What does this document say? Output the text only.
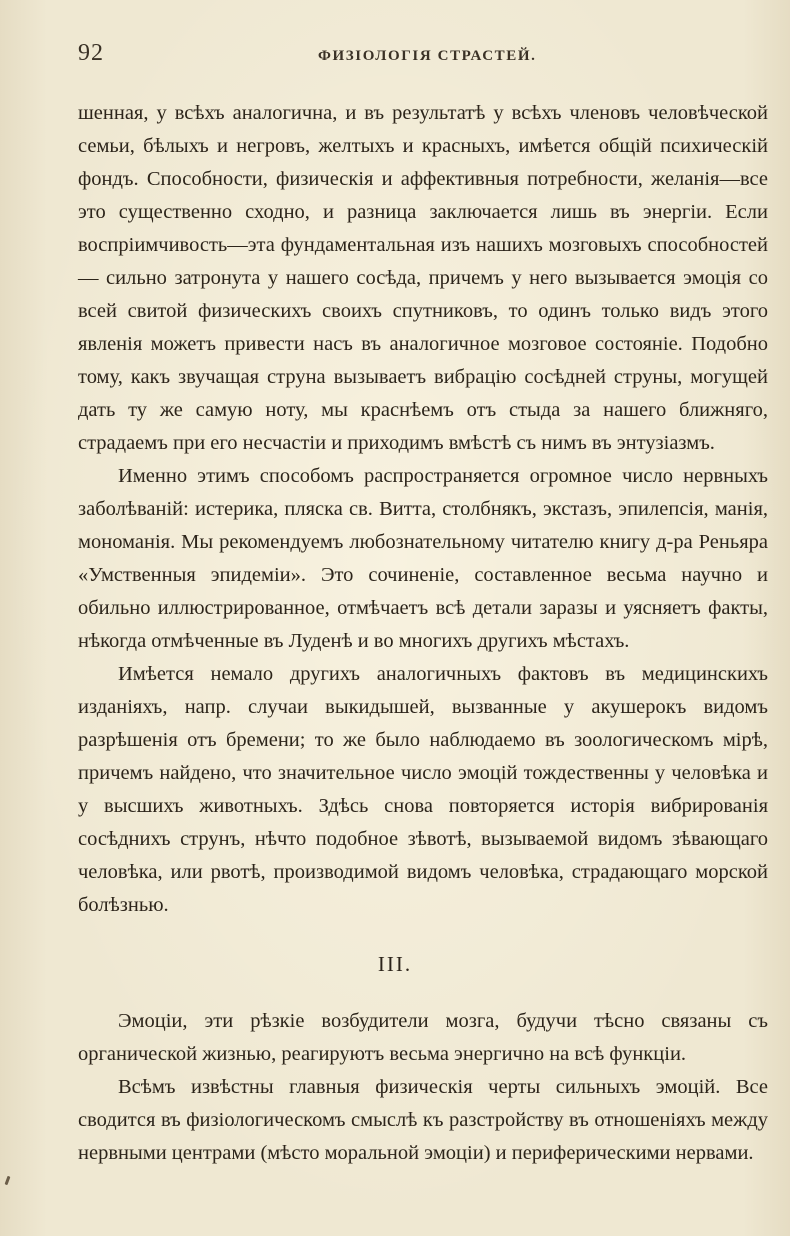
92	ФИЗІОЛОГІЯ СТРАСТЕЙ.

шенная, у всѣхъ аналогична, и въ результатѣ у всѣхъ членовъ человѣческой семьи, бѣлыхъ и негровъ, желтыхъ и красныхъ, имѣется общій психическій фондъ. Способности, физическія и аффективныя потребности, желанія—все это существенно сходно, и разница заключается лишь въ энергіи. Если воспріимчивость—эта фундаментальная изъ нашихъ мозговыхъ способностей — сильно затронута у нашего сосѣда, причемъ у него вызывается эмоція со всей свитой физическихъ своихъ спутниковъ, то одинъ только видъ этого явленія можетъ привести насъ въ аналогичное мозговое состояніе. Подобно тому, какъ звучащая струна вызываетъ вибрацію сосѣдней струны, могущей дать ту же самую ноту, мы краснѣемъ отъ стыда за нашего ближняго, страдаемъ при его несчастіи и приходимъ вмѣстѣ съ нимъ въ энтузіазмъ.

Именно этимъ способомъ распространяется огромное число нервныхъ заболѣваній: истерика, пляска св. Витта, столбнякъ, экстазъ, эпилепсія, манія, мономанія. Мы рекомендуемъ любознательному читателю книгу д-ра Реньяра «Умственныя эпидеміи». Это сочиненіе, составленное весьма научно и обильно иллюстрированное, отмѣчаетъ всѣ детали заразы и уясняетъ факты, нѣкогда отмѣченные въ Луденѣ и во многихъ другихъ мѣстахъ.

Имѣется немало другихъ аналогичныхъ фактовъ въ медицинскихъ изданіяхъ, напр. случаи выкидышей, вызванные у акушерокъ видомъ разрѣшенія отъ бремени; то же было наблюдаемо въ зоологическомъ мірѣ, причемъ найдено, что значительное число эмоцій тождественны у человѣка и у высшихъ животныхъ. Здѣсь снова повторяется исторія вибрированія сосѣднихъ струнъ, нѣчто подобное зѣвотѣ, вызываемой видомъ зѣвающаго человѣка, или рвотѣ, производимой видомъ человѣка, страдающаго морской болѣзнью.

III.

Эмоціи, эти рѣзкіе возбудители мозга, будучи тѣсно связаны съ органической жизнью, реагируютъ весьма энергично на всѣ функціи.

Всѣмъ извѣстны главныя физическія черты сильныхъ эмоцій. Все сводится въ физіологическомъ смыслѣ къ разстройству въ отношеніяхъ между нервными центрами (мѣсто моральной эмоціи) и периферическими нервами.
